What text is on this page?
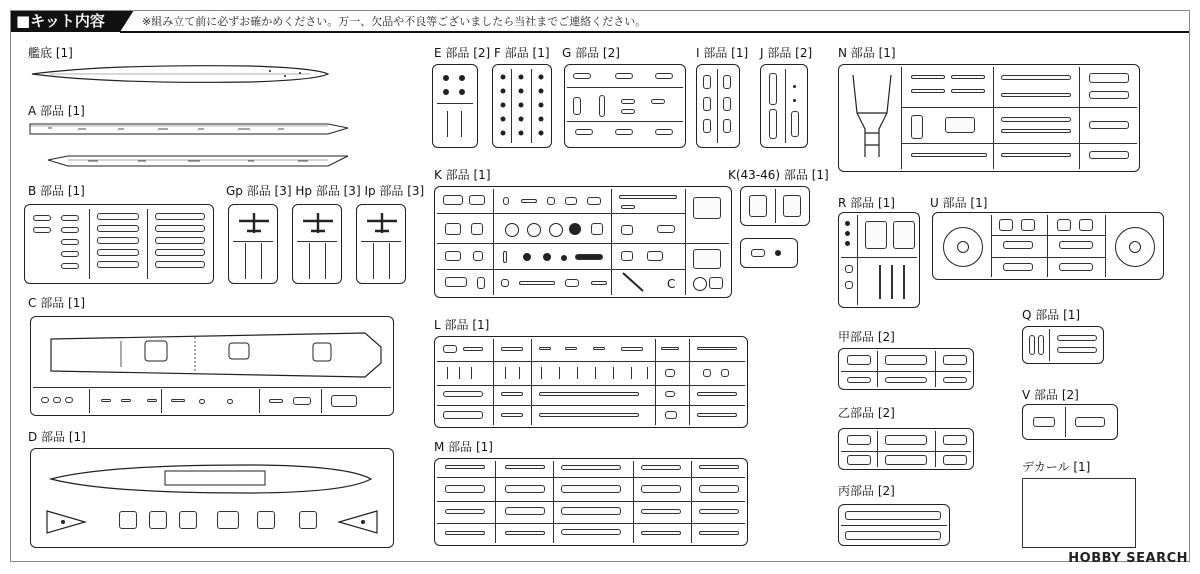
■キット内容	※組み立て前に必ずお確かめください。万一、欠品や不良等ございましたら当社までご連絡ください。
艦底 [1]
A 部品 [1]
B 部品 [1]	Gp 部品 [3] Hp 部品 [3] Ip 部品 [3]
C 部品 [1]
D 部品 [1]
E 部品 [2] F 部品 [1] G 部品 [2]	I 部品 [1] J 部品 [2]
K 部品 [1]	K(43-46) 部品 [1]
C
L 部品 [1]
M 部品 [1]
N 部品 [1]
R 部品 [1]	U 部品 [1]
甲部品 [2]
乙部品 [2]
丙部品 [2]
Q 部品 [1]
V 部品 [2]
デカール [1]
HOBBY SEARCH
